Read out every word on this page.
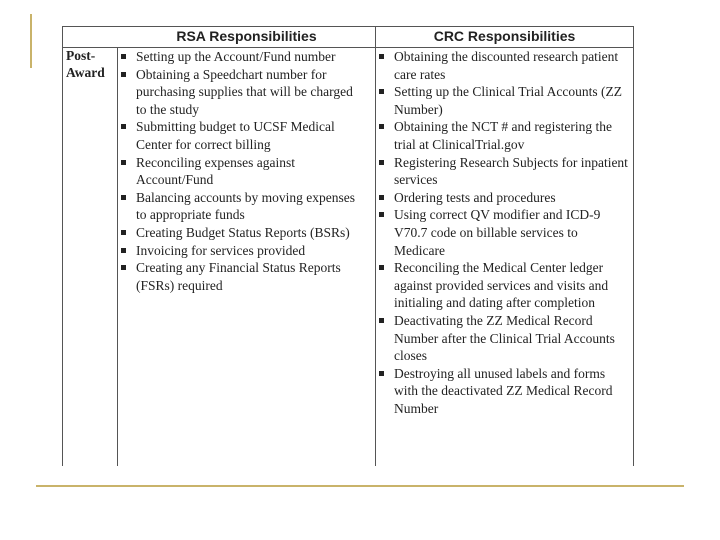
RSA Responsibilities	CRC Responsibilities
Post-Award
Setting up the Account/Fund number
Obtaining a Speedchart number for purchasing supplies that will be charged to the study
Submitting budget to UCSF Medical Center for correct billing
Reconciling expenses against Account/Fund
Balancing accounts by moving expenses to appropriate funds
Creating Budget Status Reports (BSRs)
Invoicing for services provided
Creating any Financial Status Reports (FSRs) required
Obtaining the discounted research patient care rates
Setting up the Clinical Trial Accounts (ZZ Number)
Obtaining the NCT # and registering the trial at ClinicalTrial.gov
Registering Research Subjects for inpatient services
Ordering tests and procedures
Using correct QV modifier and ICD-9 V70.7 code on billable services to Medicare
Reconciling the Medical Center ledger against provided services and visits and initialing and dating after completion
Deactivating the ZZ Medical Record Number after the Clinical Trial Accounts closes
Destroying all unused labels and forms with the deactivated ZZ Medical Record Number
